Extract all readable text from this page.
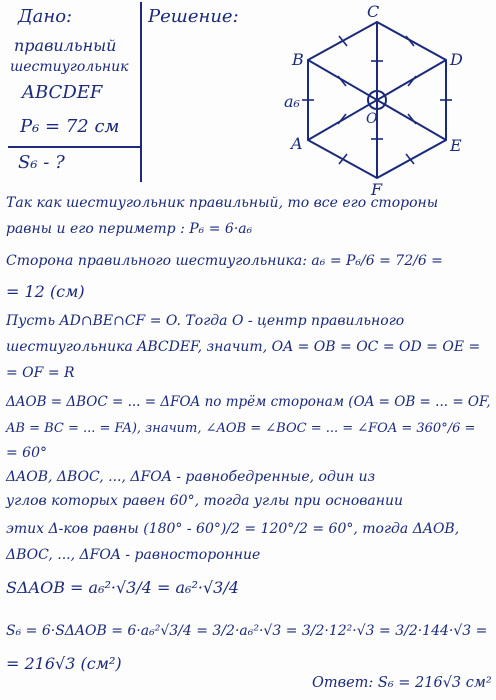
Дано:
правильный
шестиугольник
ABCDEF
P₆ = 72 см
S₆ - ?
Решение:	C
D
E
F
A
B
O
a₆
Так как шестиугольник правильный, то все его стороны
равны и его периметр : P₆ = 6·a₆
Сторона правильного шестиугольника: a₆ = P₆/6 = 72/6 =
= 12 (см)
Пусть AD∩BE∩CF = O. Тогда O - центр правильного
шестиугольника ABCDEF, значит, OA = OB = OC = OD = OE =
= OF = R
ΔAOB = ΔBOC = ... = ΔFOA по трём сторонам (OA = OB = ... = OF,
AB = BC = ... = FA), значит, ∠AOB = ∠BOC = ... = ∠FOA = 360°/6 =
= 60°
ΔAOB, ΔBOC, ..., ΔFOA - равнобедренные, один из
углов которых равен 60°, тогда углы при основании
этих Δ-ков равны (180° - 60°)/2 = 120°/2 = 60°, тогда ΔAOB,
ΔBOC, ..., ΔFOA - равносторонние
SΔAOB = a₆²·√3/4 = a₆²·√3/4
S₆ = 6·SΔAOB = 6·a₆²√3/4 = 3/2·a₆²·√3 = 3/2·12²·√3 = 3/2·144·√3 =
= 216√3 (см²)
Ответ: S₆ = 216√3 см²
